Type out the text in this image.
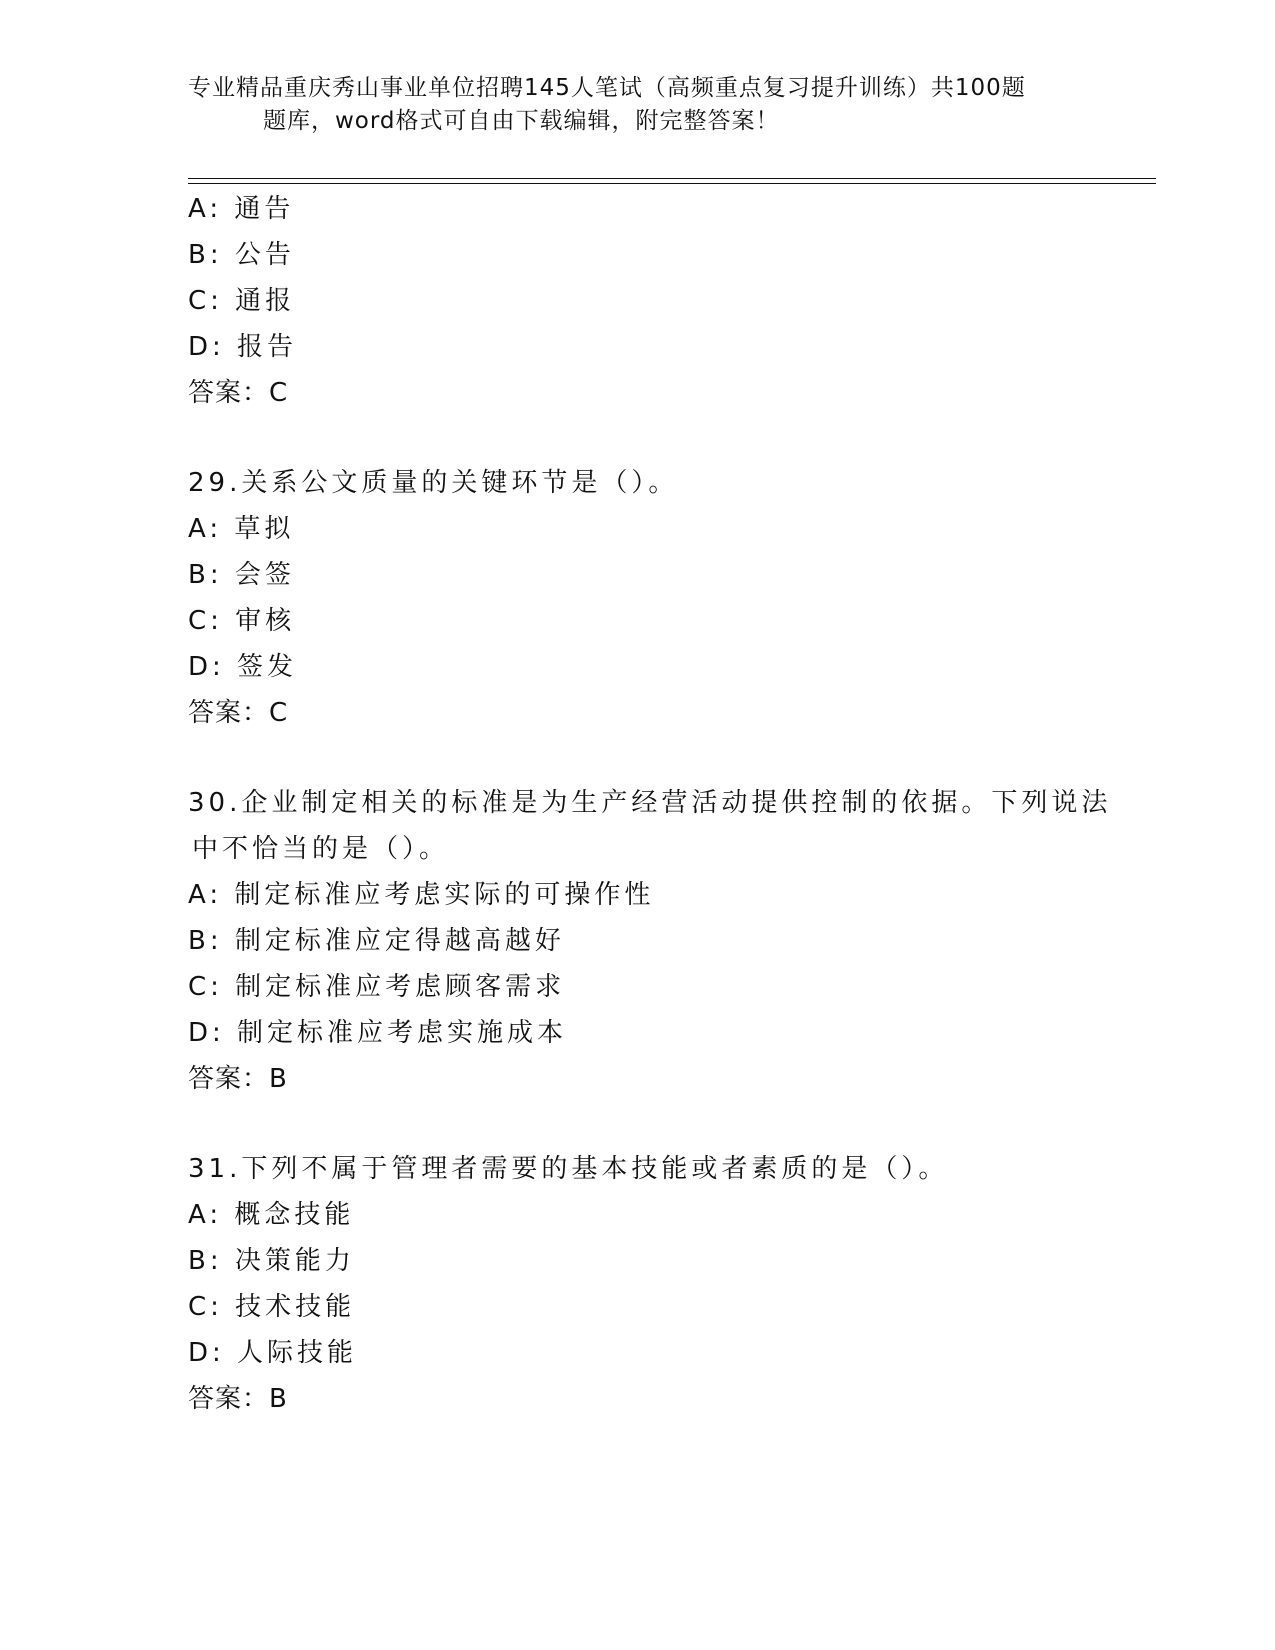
专业精品重庆秀山事业单位招聘145人笔试（高频重点复习提升训练）共100题
题库，word格式可自由下载编辑，附完整答案！
A: 通告
B: 公告
C: 通报
D: 报告
答案：C
29.关系公文质量的关键环节是（）。
A: 草拟
B: 会签
C: 审核
D: 签发
答案：C
30.企业制定相关的标准是为生产经营活动提供控制的依据。下列说法
中不恰当的是（）。
A: 制定标准应考虑实际的可操作性
B: 制定标准应定得越高越好
C: 制定标准应考虑顾客需求
D: 制定标准应考虑实施成本
答案：B
31.下列不属于管理者需要的基本技能或者素质的是（）。
A: 概念技能
B: 决策能力
C: 技术技能
D: 人际技能
答案：B
